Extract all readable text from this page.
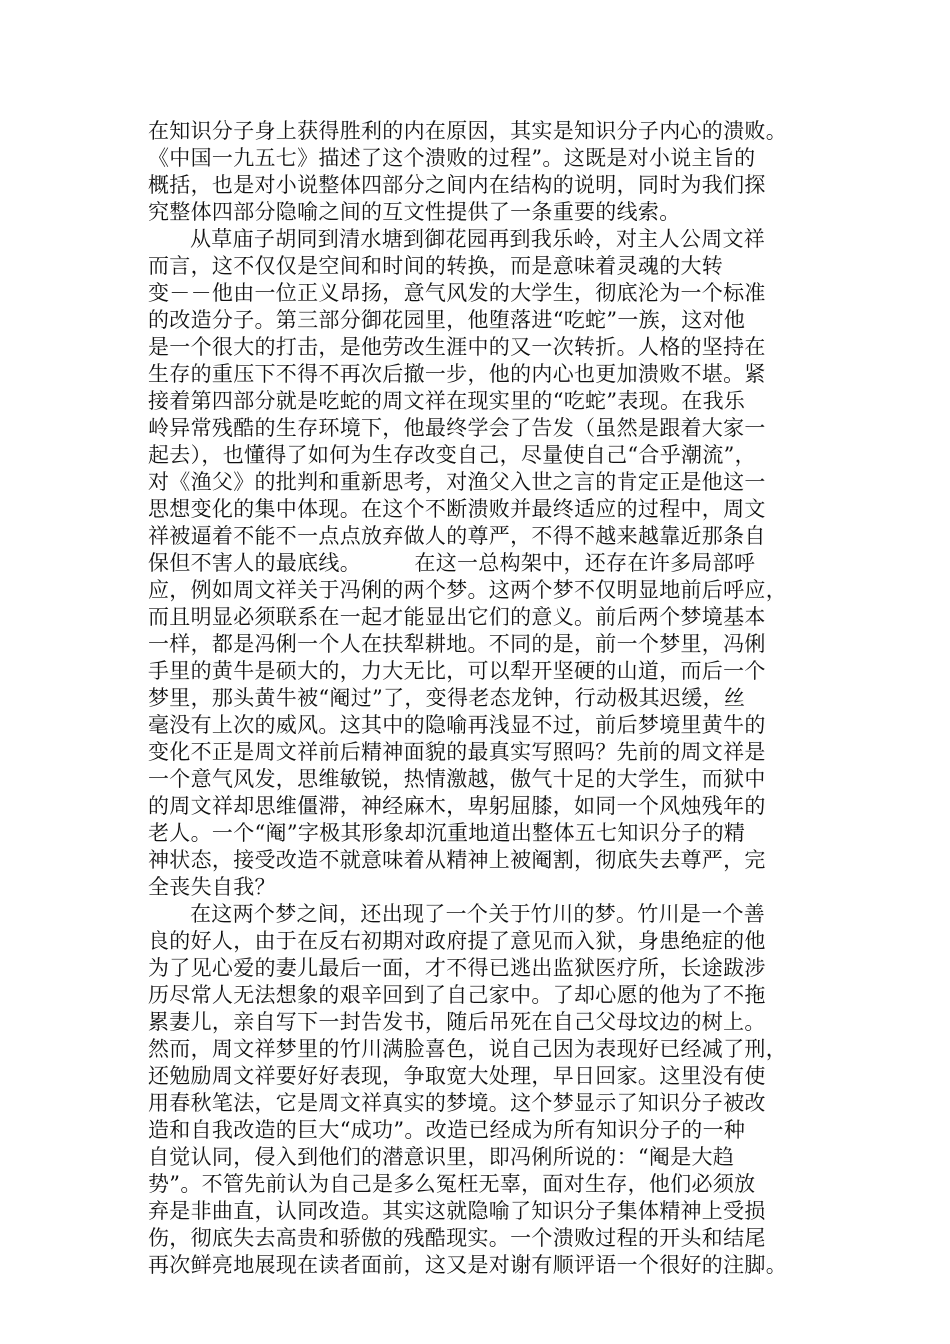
在知识分子身上获得胜利的内在原因，其实是知识分子内心的溃败。
《中国一九五七》描述了这个溃败的过程”。这既是对小说主旨的
概括，也是对小说整体四部分之间内在结构的说明，同时为我们探
究整体四部分隐喻之间的互文性提供了一条重要的线索。
从草庙子胡同到清水塘到御花园再到我乐岭，对主人公周文祥
而言，这不仅仅是空间和时间的转换，而是意味着灵魂的大转
变－－他由一位正义昂扬，意气风发的大学生，彻底沦为一个标准
的改造分子。第三部分御花园里，他堕落进“吃蛇”一族，这对他
是一个很大的打击，是他劳改生涯中的又一次转折。人格的坚持在
生存的重压下不得不再次后撤一步，他的内心也更加溃败不堪。紧
接着第四部分就是吃蛇的周文祥在现实里的“吃蛇”表现。在我乐
岭异常残酷的生存环境下，他最终学会了告发（虽然是跟着大家一
起去），也懂得了如何为生存改变自己，尽量使自己“合乎潮流”，
对《渔父》的批判和重新思考，对渔父入世之言的肯定正是他这一
思想变化的集中体现。在这个不断溃败并最终适应的过程中，周文
祥被逼着不能不一点点放弃做人的尊严，不得不越来越靠近那条自
保但不害人的最底线。　　　在这一总构架中，还存在许多局部呼
应，例如周文祥关于冯俐的两个梦。这两个梦不仅明显地前后呼应，
而且明显必须联系在一起才能显出它们的意义。前后两个梦境基本
一样，都是冯俐一个人在扶犁耕地。不同的是，前一个梦里，冯俐
手里的黄牛是硕大的，力大无比，可以犁开坚硬的山道，而后一个
梦里，那头黄牛被“阉过”了，变得老态龙钟，行动极其迟缓，丝
毫没有上次的威风。这其中的隐喻再浅显不过，前后梦境里黄牛的
变化不正是周文祥前后精神面貌的最真实写照吗？先前的周文祥是
一个意气风发，思维敏锐，热情激越，傲气十足的大学生，而狱中
的周文祥却思维僵滞，神经麻木，卑躬屈膝，如同一个风烛残年的
老人。一个“阉”字极其形象却沉重地道出整体五七知识分子的精
神状态，接受改造不就意味着从精神上被阉割，彻底失去尊严，完
全丧失自我？
在这两个梦之间，还出现了一个关于竹川的梦。竹川是一个善
良的好人，由于在反右初期对政府提了意见而入狱，身患绝症的他
为了见心爱的妻儿最后一面，才不得已逃出监狱医疗所，长途跋涉
历尽常人无法想象的艰辛回到了自己家中。了却心愿的他为了不拖
累妻儿，亲自写下一封告发书，随后吊死在自己父母坟边的树上。
然而，周文祥梦里的竹川满脸喜色，说自己因为表现好已经减了刑，
还勉励周文祥要好好表现，争取宽大处理，早日回家。这里没有使
用春秋笔法，它是周文祥真实的梦境。这个梦显示了知识分子被改
造和自我改造的巨大“成功”。改造已经成为所有知识分子的一种
自觉认同，侵入到他们的潜意识里，即冯俐所说的：“阉是大趋
势”。不管先前认为自己是多么冤枉无辜，面对生存，他们必须放
弃是非曲直，认同改造。其实这就隐喻了知识分子集体精神上受损
伤，彻底失去高贵和骄傲的残酷现实。一个溃败过程的开头和结尾
再次鲜亮地展现在读者面前，这又是对谢有顺评语一个很好的注脚。
